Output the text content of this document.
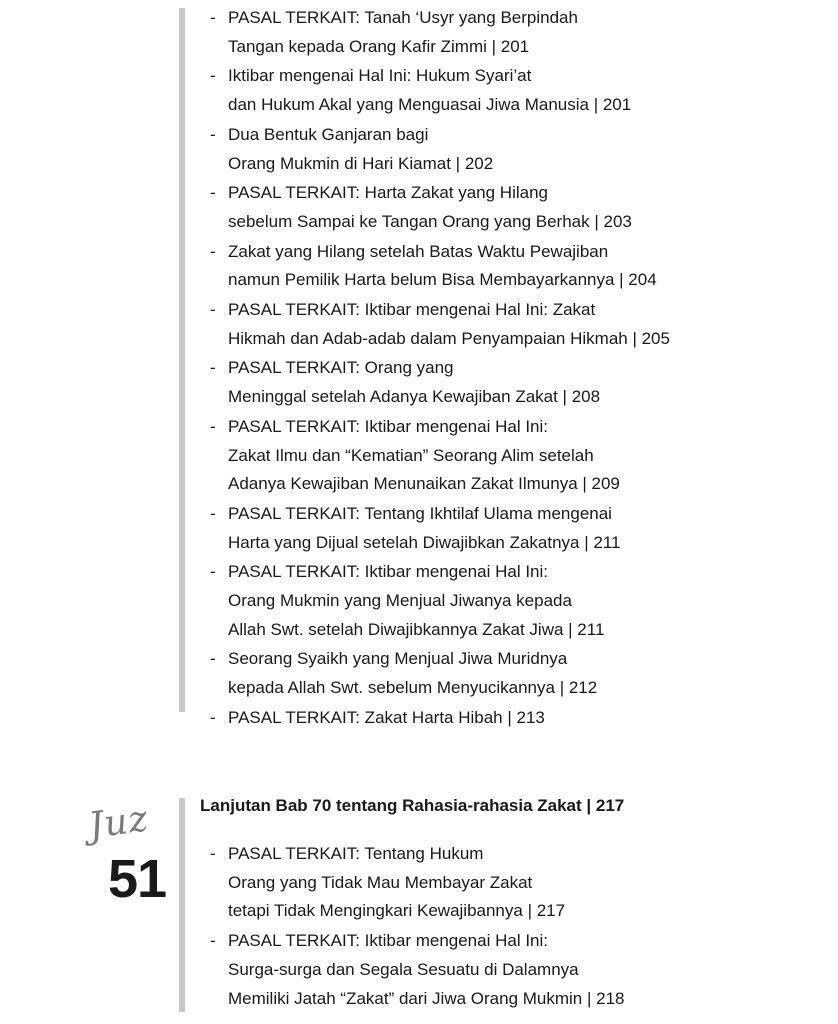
- PASAL TERKAIT: Tanah ‘Usyr yang Berpindah
Tangan kepada Orang Kafir Zimmi | 201
- Iktibar mengenai Hal Ini: Hukum Syari’at
dan Hukum Akal yang Menguasai Jiwa Manusia | 201
- Dua Bentuk Ganjaran bagi
Orang Mukmin di Hari Kiamat | 202
- PASAL TERKAIT: Harta Zakat yang Hilang
sebelum Sampai ke Tangan Orang yang Berhak | 203
- Zakat yang Hilang setelah Batas Waktu Pewajiban
namun Pemilik Harta belum Bisa Membayarkannya | 204
- PASAL TERKAIT: Iktibar mengenai Hal Ini: Zakat
Hikmah dan Adab-adab dalam Penyampaian Hikmah | 205
- PASAL TERKAIT: Orang yang
Meninggal setelah Adanya Kewajiban Zakat | 208
- PASAL TERKAIT: Iktibar mengenai Hal Ini:
Zakat Ilmu dan “Kematian” Seorang Alim setelah
Adanya Kewajiban Menunaikan Zakat Ilmunya | 209
- PASAL TERKAIT: Tentang Ikhtilaf Ulama mengenai
Harta yang Dijual setelah Diwajibkan Zakatnya | 211
- PASAL TERKAIT: Iktibar mengenai Hal Ini:
Orang Mukmin yang Menjual Jiwanya kepada
Allah Swt. setelah Diwajibkannya Zakat Jiwa | 211
- Seorang Syaikh yang Menjual Jiwa Muridnya
kepada Allah Swt. sebelum Menyucikannya | 212
- PASAL TERKAIT: Zakat Harta Hibah | 213
Juz
51
Lanjutan Bab 70 tentang Rahasia-rahasia Zakat | 217
- PASAL TERKAIT: Tentang Hukum
Orang yang Tidak Mau Membayar Zakat
tetapi Tidak Mengingkari Kewajibannya | 217
- PASAL TERKAIT: Iktibar mengenai Hal Ini:
Surga-surga dan Segala Sesuatu di Dalamnya
Memiliki Jatah “Zakat” dari Jiwa Orang Mukmin | 218
